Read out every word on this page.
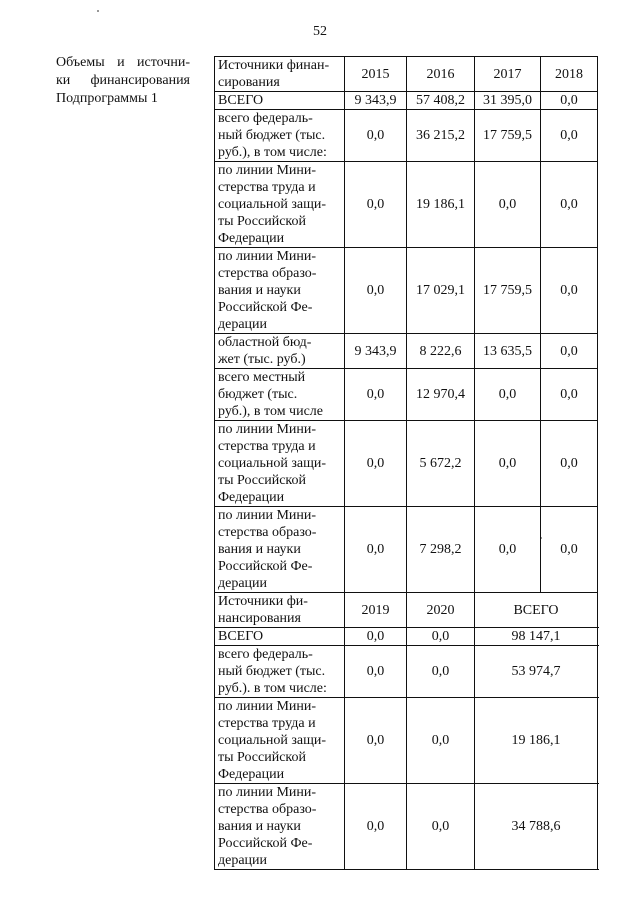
52
Объемы и источни-
ки финансирования
Подпрограммы 1
Источники финан-
сирования	2015	2016	2017	2018
ВСЕГО	9 343,9	57 408,2	31 395,0	0,0
всего федераль-
ный бюджет (тыс.
руб.), в том числе:	0,0	36 215,2	17 759,5	0,0
по линии Мини-
стерства труда и
социальной защи-
ты Российской
Федерации	0,0	19 186,1	0,0	0,0
по линии Мини-
стерства образо-
вания и науки
Российской Фе-
дерации	0,0	17 029,1	17 759,5	0,0
областной бюд-
жет (тыс. руб.)	9 343,9	8 222,6	13 635,5	0,0
всего местный
бюджет (тыс.
руб.), в том числе	0,0	12 970,4	0,0	0,0
по линии Мини-
стерства труда и
социальной защи-
ты Российской
Федерации	0,0	5 672,2	0,0	0,0
по линии Мини-
стерства образо-
вания и науки
Российской Фе-
дерации	0,0	7 298,2	0,0	0,0
Источники фи-
нансирования	2019	2020	ВСЕГО	
ВСЕГО	0,0	0,0	98 147,1	
всего федераль-
ный бюджет (тыс.
руб.). в том числе:	0,0	0,0	53 974,7	
по линии Мини-
стерства труда и
социальной защи-
ты Российской
Федерации	0,0	0,0	19 186,1	
по линии Мини-
стерства образо-
вания и науки
Российской Фе-
дерации	0,0	0,0	34 788,6	
